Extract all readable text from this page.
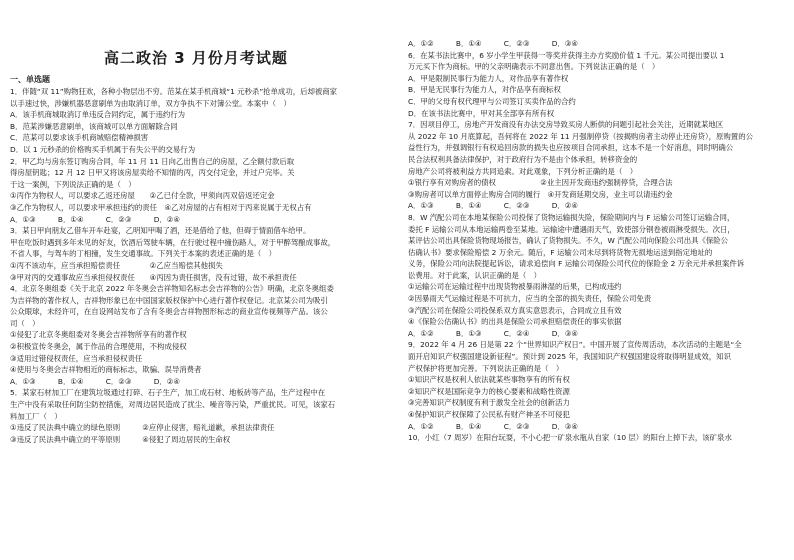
高二政治 3 月份月考试题
一、单选题
1．伴随“双 11”购物狂欢，各种小物层出不穷。范某在某手机商城“1 元秒杀”抢单成功，后却被商家
以手速过快，涉嫌机器恶意刷单为由取消订单，双方争执不下对簿公堂。本案中（　）
A．该手机商城取消订单违反合同约定，属于违约行为
B．范某涉嫌恶意刷单，该商城可以单方面解除合同
C．范某可以要求该手机商城赔偿精神损害
D．以 1 元秒杀的价格购买手机属于有失公平的交易行为
2．甲乙均与房东签订购房合同，年 11 月 11 日向乙出售自己的房屋，乙全额付款后取
得房屋钥匙；12 月 12 日甲又将该房屋卖给不知情的丙，丙交付定金，并过户完毕。关
于这一案例，下列说法正确的是（　）
①丙作为物权人，可以要求乙返还房屋　　②乙已付全款，甲须向丙双倍返还定金
③乙作为物权人，可以要求甲承担违约的责任　④乙对房屋的占有相对于丙来说属于无权占有
A．①③　　　B．①④　　　C．②③　　　D．②④
3．某日甲向朋友乙借车开车赴宴，乙明知甲喝了酒，还是借给了他，但碍于情面借车给甲。
甲在吃饭时遇到多年未见的好友，饮酒后驾驶车辆，在行驶过程中撞伤路人，对于甲醉驾酿成事故，
不省人事，与驾车的丁相撞，发生交通事故。下列关于本案的表述正确的是（　）
①丙不该动车，应当承担赔偿责任　　　　②乙应当赔偿其他损失
③甲对丙的交通事故应当承担侵权责任　　④丙因为责任损害，没有过错，故不承担责任
4．北京冬奥组委《关于北京 2022 年冬奥会吉祥物知名标志会吉祥物的公告》明确，北京冬奥组委
为吉祥物的著作权人，吉祥物形象已在中国国家版权保护中心进行著作权登记。北京某公司为吸引
公众眼球，未经许可，在自设网站发布了含有冬奥会吉祥物图形标志的商业宣传视频等产品。该公
司（　）
①侵犯了北京冬奥组委对冬奥会吉祥物所享有的著作权
②积极宣传冬奥会，属于作品的合理使用，不构成侵权
③适用过错侵权责任，应当承担侵权责任
④使用与冬奥会吉祥物相近的商标标志，欺骗、误导消费者
A．①③　　　B．①④　　　C．②③　　　D．②④
5．某家石材加工厂在建筑垃圾通过打碎、石子生产，加工成石材、地板砖等产品，生产过程中在
生产中没有采取任何防尘防控措施，对周边居民造成了扰尘、噪音等污染，严重扰民。可见，该家石
料加工厂（　）
①违反了民法典中确立的绿色原则　　　②应停止侵害，赔礼道歉，承担法律责任
③违反了民法典中确立的平等原则　　　④侵犯了周边居民的生命权
A．①②　　　B．①④　　　C．②③　　　D．③④
6．在某书法比赛中，6 岁小学生甲获得一等奖并获得主办方奖励价值 1 千元。某公司提出要以 1
万元买下作为商标。甲的父亲明确表示不同意出售。下列说法正确的是（　）
A．甲是限制民事行为能力人，对作品享有著作权
B．甲是无民事行为能力人，对作品享有商标权
C．甲的父母有权代理甲与公司签订买卖作品的合约
D．在该书法比赛中，甲对其全部享有所有权
7．因项目停工，房地产开发商没有办法交房导致买房人断供的问题引起社会关注，近期就某地区
从 2022 年 10 月底算起，吾何将在 2022 年 11 月强制停贷（按揭购房者主动停止还房贷），原购置的公
益性行为，并强调银行有权追回房款的损失也应按项目合同承担，这本不是一个好消息，同时明确公
民合法权利具备法律保护，对于政府行为不是由个体承担，转移资金的
房地产公司将被利益方共同追索。对此观象，下列分析正确的是（　）
①银行享有对购房者的债权　　　　　　②业主因开发商违约强制停贷，合理合法
③购房者可以单方面停止购房合同的履行　④开发商延期交房，业主可以请违约金
A．①③　　　B．①④　　　C．②③　　　D．②④
8．W 汽配公司在本地某保险公司投保了货物运输损失险，保险期间内与 F 运输公司签订运输合同，
委托 F 运输公司从本地运输两卷至某地。运输途中遭遇雨天气，致使部分钢卷被雨淋受损失。次日，
某评估公司出具保险货物现场报告，确认了货物损失。不久，W 汽配公司向保险公司出具《保险公
估确认书》要求保险赔偿 2 万余元。随后，F 运输公司未尽到将货物无损地运送到指定地址的
义务，保险公司向法院提起诉讼，请求追偿向 F 运输公司保险公司代位的保险金 2 万余元并承担案件诉
讼费用。对于此案，认识正确的是（　）
①运输公司在运输过程中出现货物被暴雨淋湿的后果，已构成违约
②因暴雨天气运输过程是不可抗力，应当的全部的损失责任，保险公司免责
③汽配公司在保险公司投保系双方真实意思表示，合同成立且有效
④《保险公估确认书》的出具是保险公司承担赔偿责任的事实依据
A．①②　　　B．①③　　　C．②④　　　D．③④
9．2022 年 4 月 26 日是第 22 个“世界知识产权日”。中国开展了宣传周活动，本次活动的主题是“全
面开启知识产权强国建设新征程”。预计到 2025 年，我国知识产权强国建设将取得明显成效，知识
产权保护将更加完善。下列说法正确的是（　）
①知识产权是权利人依法就某些事物享有的所有权
②知识产权是国际竞争力的核心要素和战略性资源
③完善知识产权制度有利于激发全社会的创新活力
④保护知识产权保障了公民私有财产神圣不可侵犯
A．①②　　　B．①④　　　C．②③　　　D．③④
10．小红（7 周岁）在阳台玩耍，不小心把一矿泉水瓶从自家（10 层）的阳台上掉下去，该矿泉水
